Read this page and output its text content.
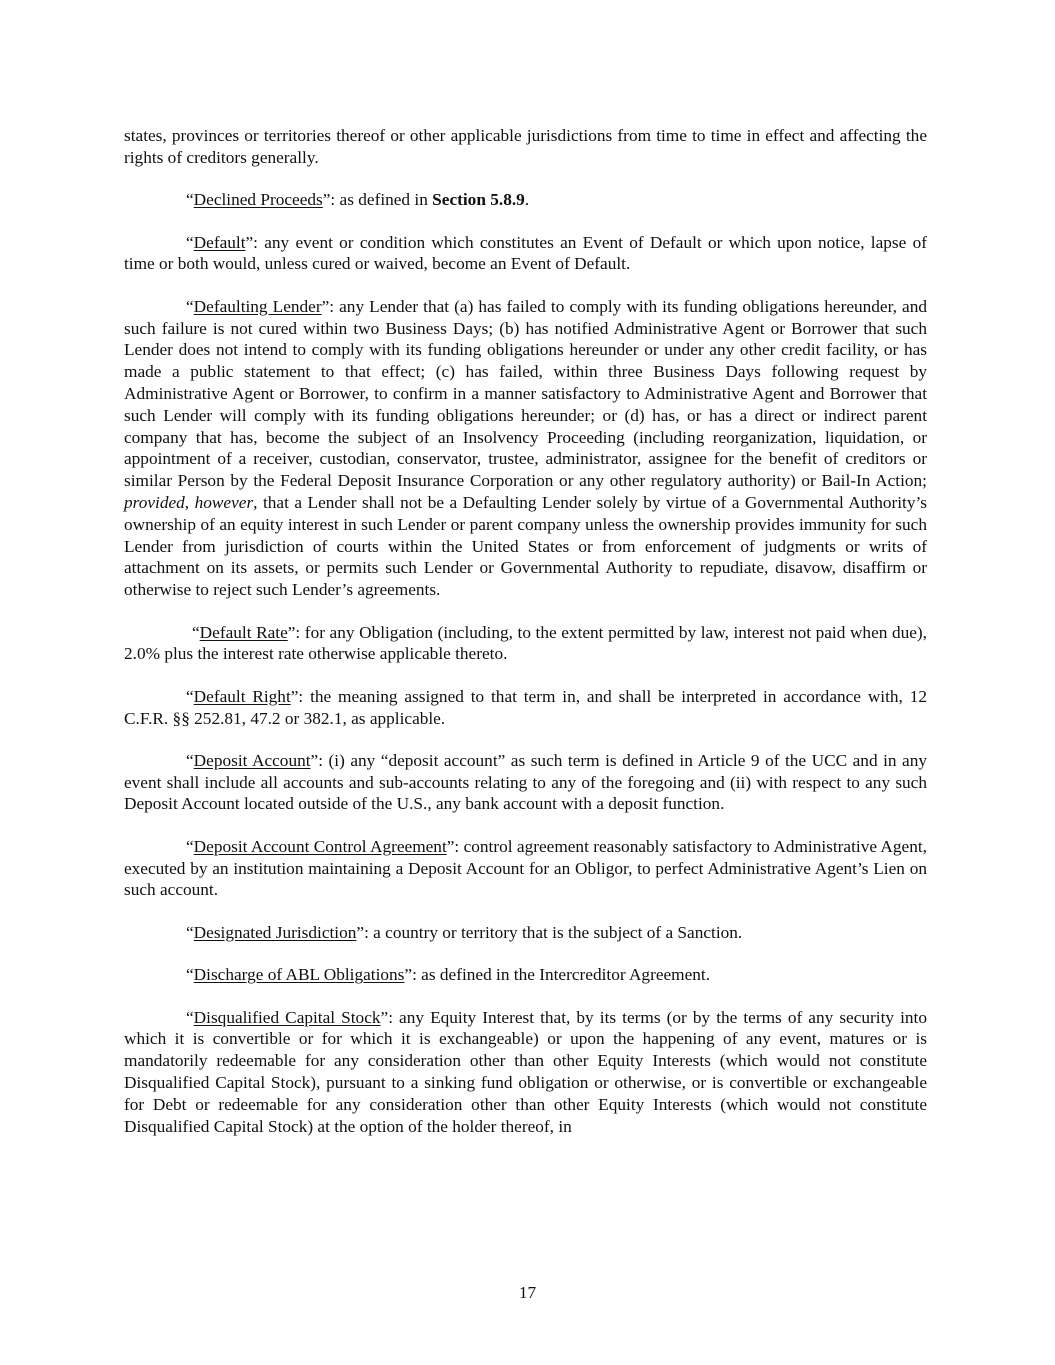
states, provinces or territories thereof or other applicable jurisdictions from time to time in effect and affecting the rights of creditors generally.

“Declined Proceeds”: as defined in Section 5.8.9.

“Default”: any event or condition which constitutes an Event of Default or which upon notice, lapse of time or both would, unless cured or waived, become an Event of Default.

“Defaulting Lender”: any Lender that (a) has failed to comply with its funding obligations hereunder, and such failure is not cured within two Business Days; (b) has notified Administrative Agent or Borrower that such Lender does not intend to comply with its funding obligations hereunder or under any other credit facility, or has made a public statement to that effect; (c) has failed, within three Business Days following request by Administrative Agent or Borrower, to confirm in a manner satisfactory to Administrative Agent and Borrower that such Lender will comply with its funding obligations hereunder; or (d) has, or has a direct or indirect parent company that has, become the subject of an Insolvency Proceeding (including reorganization, liquidation, or appointment of a receiver, custodian, conservator, trustee, administrator, assignee for the benefit of creditors or similar Person by the Federal Deposit Insurance Corporation or any other regulatory authority) or Bail-In Action; provided, however, that a Lender shall not be a Defaulting Lender solely by virtue of a Governmental Authority’s ownership of an equity interest in such Lender or parent company unless the ownership provides immunity for such Lender from jurisdiction of courts within the United States or from enforcement of judgments or writs of attachment on its assets, or permits such Lender or Governmental Authority to repudiate, disavow, disaffirm or otherwise to reject such Lender’s agreements.

“Default Rate”: for any Obligation (including, to the extent permitted by law, interest not paid when due), 2.0% plus the interest rate otherwise applicable thereto.

“Default Right”: the meaning assigned to that term in, and shall be interpreted in accordance with, 12 C.F.R. §§ 252.81, 47.2 or 382.1, as applicable.

“Deposit Account”: (i) any “deposit account” as such term is defined in Article 9 of the UCC and in any event shall include all accounts and sub-accounts relating to any of the foregoing and (ii) with respect to any such Deposit Account located outside of the U.S., any bank account with a deposit function.

“Deposit Account Control Agreement”: control agreement reasonably satisfactory to Administrative Agent, executed by an institution maintaining a Deposit Account for an Obligor, to perfect Administrative Agent’s Lien on such account.

“Designated Jurisdiction”: a country or territory that is the subject of a Sanction.

“Discharge of ABL Obligations”: as defined in the Intercreditor Agreement.

“Disqualified Capital Stock”: any Equity Interest that, by its terms (or by the terms of any security into which it is convertible or for which it is exchangeable) or upon the happening of any event, matures or is mandatorily redeemable for any consideration other than other Equity Interests (which would not constitute Disqualified Capital Stock), pursuant to a sinking fund obligation or otherwise, or is convertible or exchangeable for Debt or redeemable for any consideration other than other Equity Interests (which would not constitute Disqualified Capital Stock) at the option of the holder thereof, in

17
